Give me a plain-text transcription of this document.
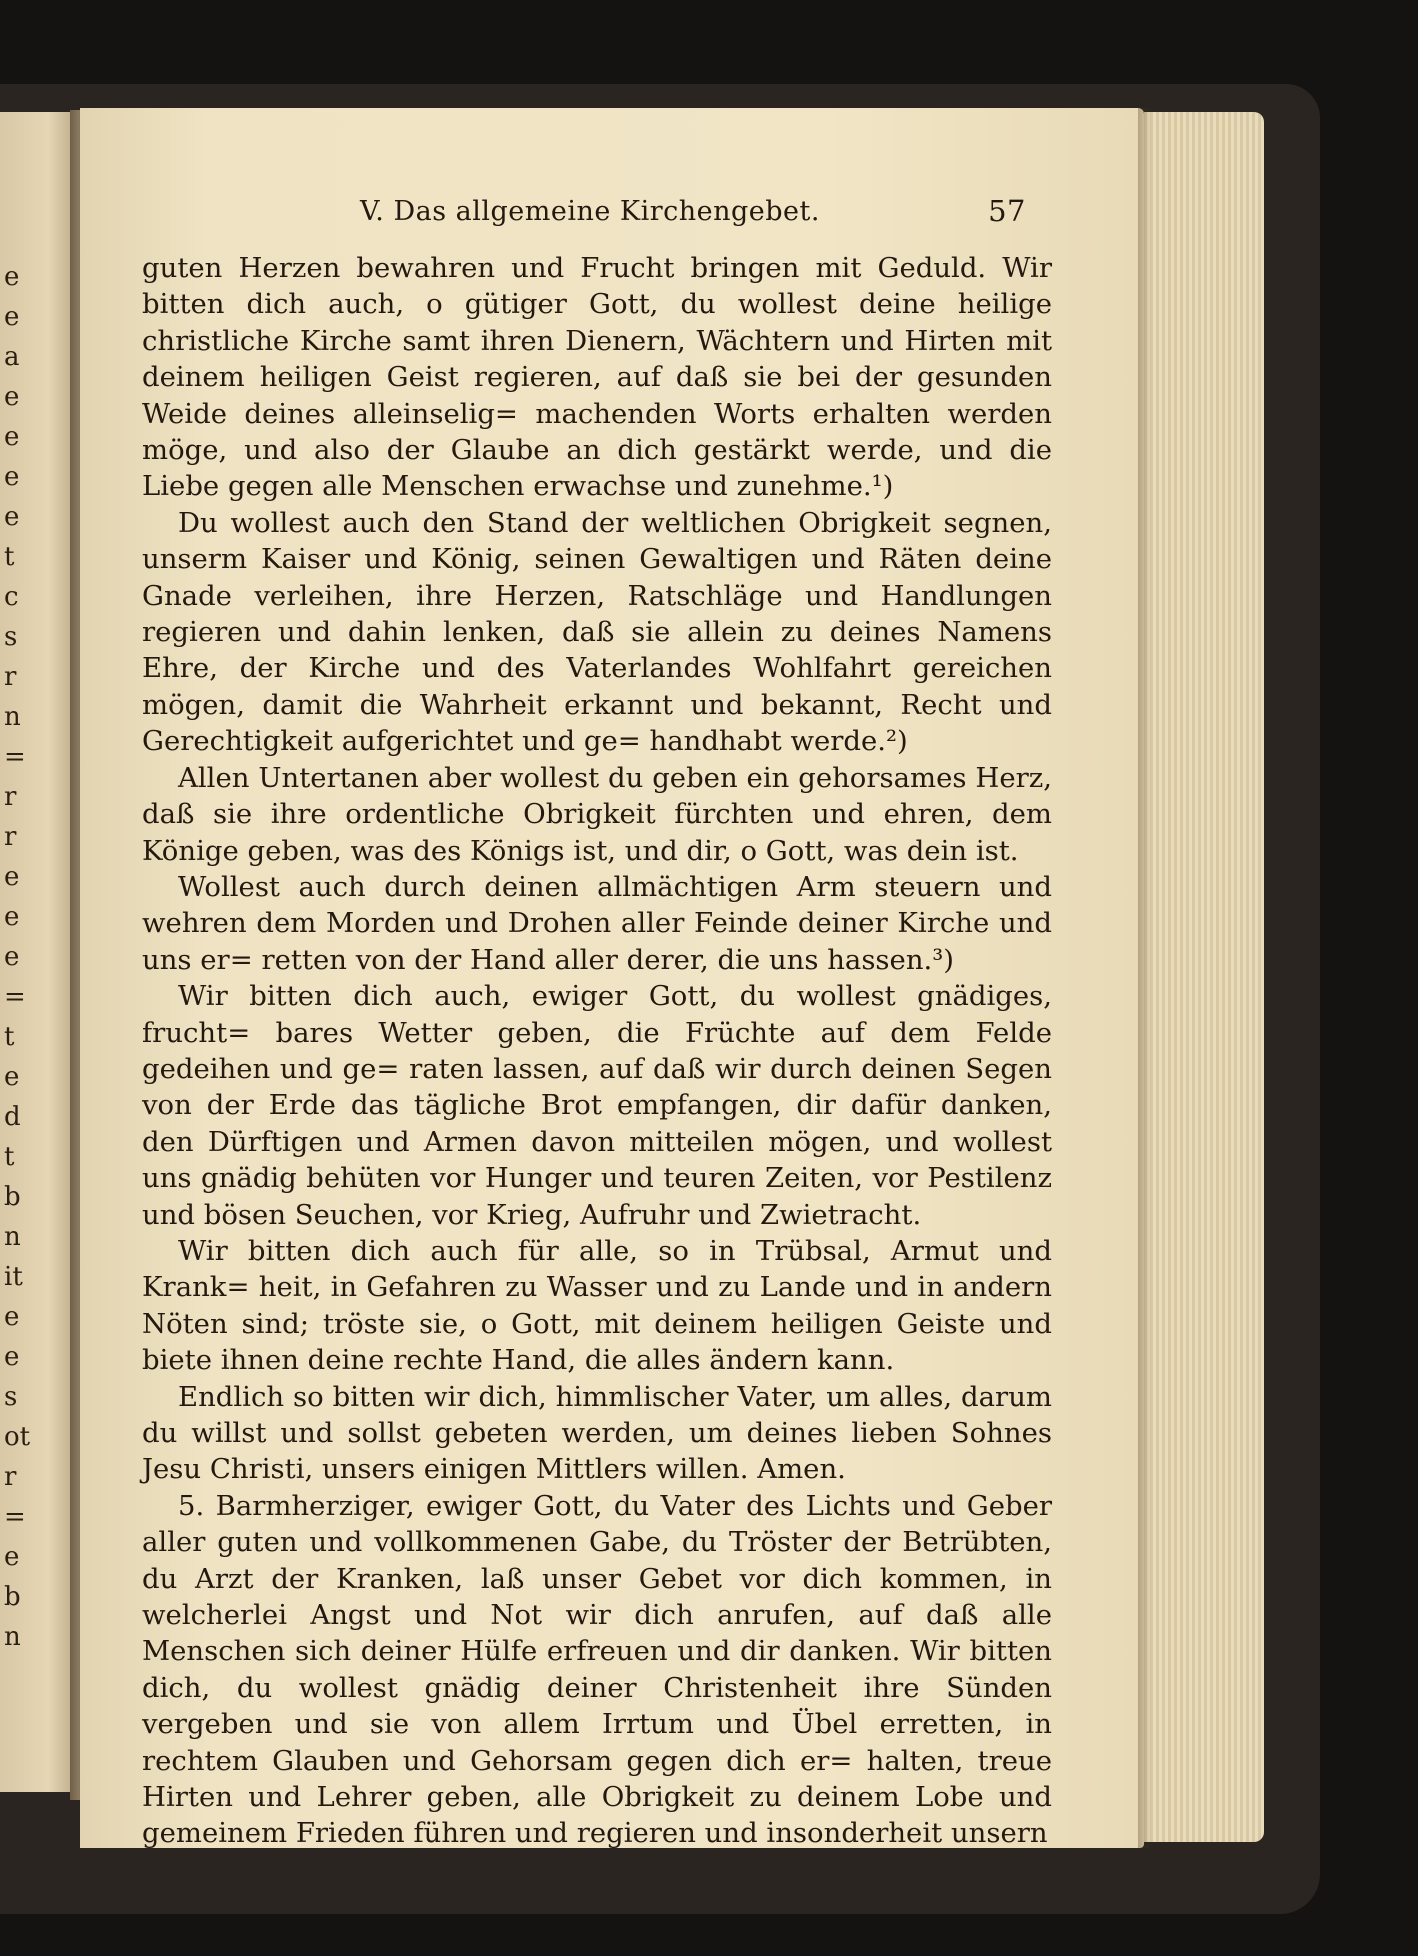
e
e
a
e
e
e
e
t
c
s
r
n
=
r
r
e
e
e
=
t
e
d
t
b
n
it
e
e
s
ot
r
=
e
b
n
V. Das allgemeine Kirchengebet.	57

guten Herzen bewahren und Frucht bringen mit Geduld. Wir bitten dich auch, o gütiger Gott, du wollest deine heilige christliche Kirche samt ihren Dienern, Wächtern und Hirten mit deinem heiligen Geist regieren, auf daß sie bei der gesunden Weide deines alleinselig= machenden Worts erhalten werden möge, und also der Glaube an dich gestärkt werde, und die Liebe gegen alle Menschen erwachse und zunehme.¹)

Du wollest auch den Stand der weltlichen Obrigkeit segnen, unserm Kaiser und König, seinen Gewaltigen und Räten deine Gnade verleihen, ihre Herzen, Ratschläge und Handlungen regieren und dahin lenken, daß sie allein zu deines Namens Ehre, der Kirche und des Vaterlandes Wohlfahrt gereichen mögen, damit die Wahrheit erkannt und bekannt, Recht und Gerechtigkeit aufgerichtet und ge= handhabt werde.²)

Allen Untertanen aber wollest du geben ein gehorsames Herz, daß sie ihre ordentliche Obrigkeit fürchten und ehren, dem Könige geben, was des Königs ist, und dir, o Gott, was dein ist.

Wollest auch durch deinen allmächtigen Arm steuern und wehren dem Morden und Drohen aller Feinde deiner Kirche und uns er= retten von der Hand aller derer, die uns hassen.³)

Wir bitten dich auch, ewiger Gott, du wollest gnädiges, frucht= bares Wetter geben, die Früchte auf dem Felde gedeihen und ge= raten lassen, auf daß wir durch deinen Segen von der Erde das tägliche Brot empfangen, dir dafür danken, den Dürftigen und Armen davon mitteilen mögen, und wollest uns gnädig behüten vor Hunger und teuren Zeiten, vor Pestilenz und bösen Seuchen, vor Krieg, Aufruhr und Zwietracht.

Wir bitten dich auch für alle, so in Trübsal, Armut und Krank= heit, in Gefahren zu Wasser und zu Lande und in andern Nöten sind; tröste sie, o Gott, mit deinem heiligen Geiste und biete ihnen deine rechte Hand, die alles ändern kann.

Endlich so bitten wir dich, himmlischer Vater, um alles, darum du willst und sollst gebeten werden, um deines lieben Sohnes Jesu Christi, unsers einigen Mittlers willen. Amen.

5. Barmherziger, ewiger Gott, du Vater des Lichts und Geber aller guten und vollkommenen Gabe, du Tröster der Betrübten, du Arzt der Kranken, laß unser Gebet vor dich kommen, in welcherlei Angst und Not wir dich anrufen, auf daß alle Menschen sich deiner Hülfe erfreuen und dir danken. Wir bitten dich, du wollest gnädig deiner Christenheit ihre Sünden vergeben und sie von allem Irrtum und Übel erretten, in rechtem Glauben und Gehorsam gegen dich er= halten, treue Hirten und Lehrer geben, alle Obrigkeit zu deinem Lobe und gemeinem Frieden führen und regieren und insonderheit unsern
